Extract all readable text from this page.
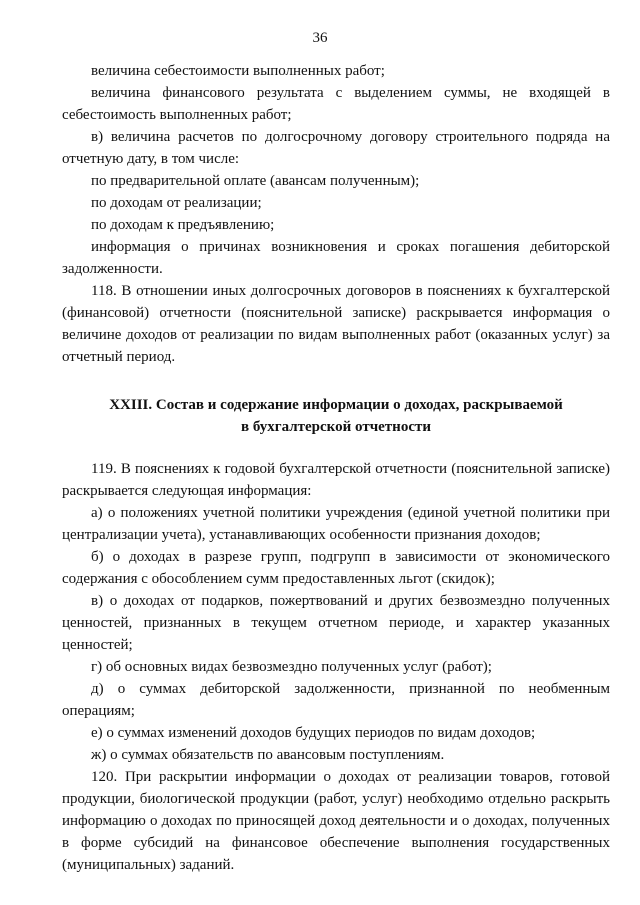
36

величина себестоимости выполненных работ;

величина финансового результата с выделением суммы, не входящей в себестоимость выполненных работ;

в) величина расчетов по долгосрочному договору строительного подряда на отчетную дату, в том числе:

по предварительной оплате (авансам полученным);

по доходам от реализации;

по доходам к предъявлению;

информация о причинах возникновения и сроках погашения дебиторской задолженности.

118. В отношении иных долгосрочных договоров в пояснениях к бухгалтерской (финансовой) отчетности (пояснительной записке) раскрывается информация о величине доходов от реализации по видам выполненных работ (оказанных услуг) за отчетный период.

XXIII. Состав и содержание информации о доходах, раскрываемой
в бухгалтерской отчетности

119. В пояснениях к годовой бухгалтерской отчетности (пояснительной записке) раскрывается следующая информация:

а) о положениях учетной политики учреждения (единой учетной политики при централизации учета), устанавливающих особенности признания доходов;

б) о доходах в разрезе групп, подгрупп в зависимости от экономического содержания с обособлением сумм предоставленных льгот (скидок);

в) о доходах от подарков, пожертвований и других безвозмездно полученных ценностей, признанных в текущем отчетном периоде, и характер указанных ценностей;

г) об основных видах безвозмездно полученных услуг (работ);

д) о суммах дебиторской задолженности, признанной по необменным операциям;

е) о суммах изменений доходов будущих периодов по видам доходов;

ж) о суммах обязательств по авансовым поступлениям.

120. При раскрытии информации о доходах от реализации товаров, готовой продукции, биологической продукции (работ, услуг) необходимо отдельно раскрыть информацию о доходах по приносящей доход деятельности и о доходах, полученных в форме субсидий на финансовое обеспечение выполнения государственных (муниципальных) заданий.
